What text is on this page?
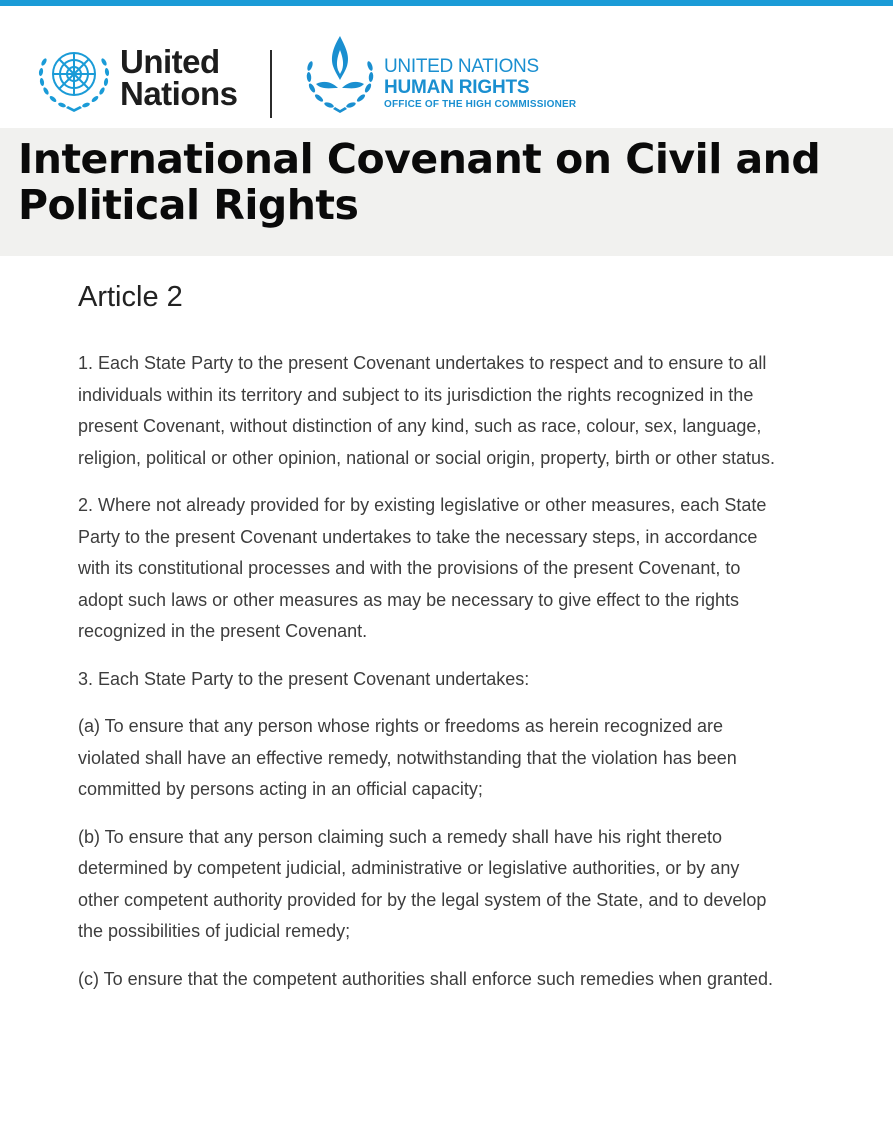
United
Nations
UNITED NATIONS
HUMAN RIGHTS
OFFICE OF THE HIGH COMMISSIONER
International Covenant on Civil and Political Rights
Article 2

1. Each State Party to the present Covenant undertakes to respect and to ensure to all individuals within its territory and subject to its jurisdiction the rights recognized in the present Covenant, without distinction of any kind, such as race, colour, sex, language, religion, political or other opinion, national or social origin, property, birth or other status.

2. Where not already provided for by existing legislative or other measures, each State Party to the present Covenant undertakes to take the necessary steps, in accordance with its constitutional processes and with the provisions of the present Covenant, to adopt such laws or other measures as may be necessary to give effect to the rights recognized in the present Covenant.

3. Each State Party to the present Covenant undertakes:

(a) To ensure that any person whose rights or freedoms as herein recognized are violated shall have an effective remedy, notwithstanding that the violation has been committed by persons acting in an official capacity;

(b) To ensure that any person claiming such a remedy shall have his right thereto determined by competent judicial, administrative or legislative authorities, or by any other competent authority provided for by the legal system of the State, and to develop the possibilities of judicial remedy;

(c) To ensure that the competent authorities shall enforce such remedies when granted.
